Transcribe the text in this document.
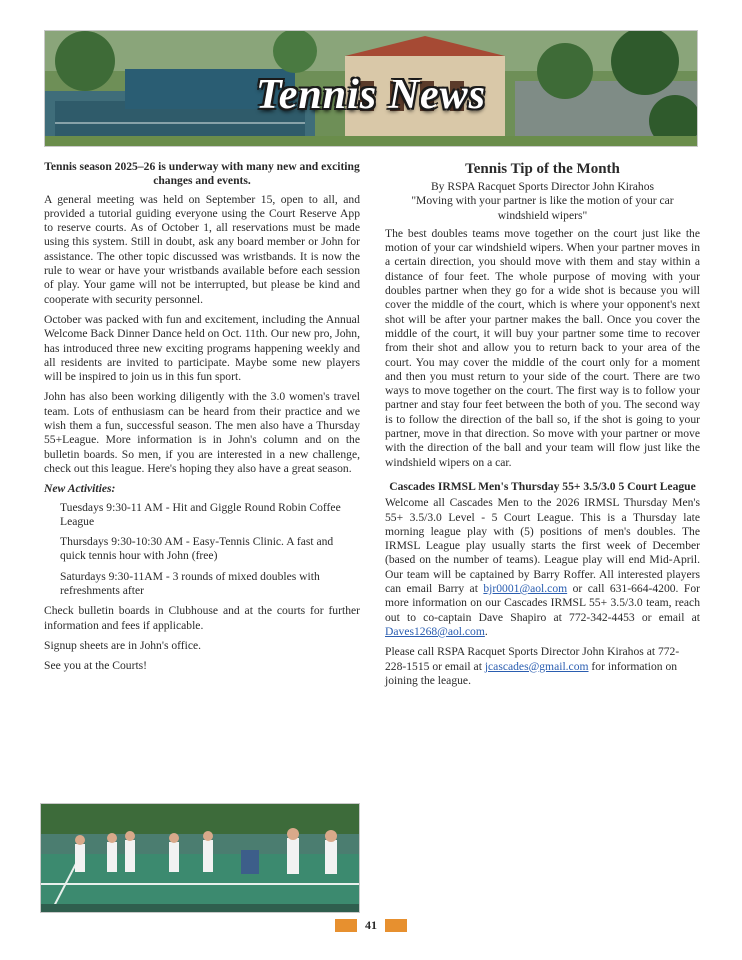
Tennis News

Tennis season 2025–26 is underway with many new and exciting changes and events.

A general meeting was held on September 15, open to all, and provided a tutorial guiding everyone using the Court Reserve App to reserve courts. As of October 1, all reservations must be made using this system. Still in doubt, ask any board member or John for assistance. The other topic discussed was wristbands. It is now the rule to wear or have your wristbands available before each session of play. Your game will not be interrupted, but please be kind and cooperate with security personnel.

October was packed with fun and excitement, including the Annual Welcome Back Dinner Dance held on Oct. 11th. Our new pro, John, has introduced three new exciting programs happening weekly and all residents are invited to participate. Maybe some new players will be inspired to join us in this fun sport.

John has also been working diligently with the 3.0 women's travel team. Lots of enthusiasm can be heard from their practice and we wish them a fun, successful season. The men also have a Thursday 55+League. More information is in John's column and on the bulletin boards. So men, if you are interested in a new challenge, check out this league. Here's hoping they also have a great season.

New Activities:

Tuesdays 9:30-11 AM - Hit and Giggle Round Robin Coffee League

Thursdays 9:30-10:30 AM - Easy-Tennis Clinic. A fast and quick tennis hour with John (free)

Saturdays 9:30-11AM - 3 rounds of mixed doubles with refreshments after

Check bulletin boards in Clubhouse and at the courts for further information and fees if applicable.

Signup sheets are in John's office.

See you at the Courts!

Tennis Tip of the Month

By RSPA Racquet Sports Director John Kirahos

"Moving with your partner is like the motion of your car windshield wipers"

The best doubles teams move together on the court just like the motion of your car windshield wipers. When your partner moves in a certain direction, you should move with them and stay within a distance of four feet. The whole purpose of moving with your doubles partner when they go for a wide shot is because you will cover the middle of the court, which is where your opponent's next shot will be after your partner makes the ball. Once you cover the middle of the court, it will buy your partner some time to recover from their shot and allow you to return back to your area of the court. You may cover the middle of the court only for a moment and then you must return to your side of the court. There are two ways to move together on the court. The first way is to follow your partner and stay four feet between the both of you. The second way is to follow the direction of the ball so, if the shot is going to your partner, move in that direction. So move with your partner or move with the direction of the ball and your team will flow just like the windshield wipers on a car.

Cascades IRMSL Men's Thursday 55+ 3.5/3.0 5 Court League

Welcome all Cascades Men to the 2026 IRMSL Thursday Men's 55+ 3.5/3.0 Level - 5 Court League. This is a Thursday late morning league play with (5) positions of men's doubles. The IRMSL League play usually starts the first week of December (based on the number of teams). League play will end Mid-April. Our team will be captained by Barry Roffer. All interested players can email Barry at bjr0001@aol.com or call 631-664-4200. For more information on our Cascades IRMSL 55+ 3.5/3.0 team, reach out to co-captain Dave Shapiro at 772-342-4453 or email at Daves1268@aol.com.

Please call RSPA Racquet Sports Director John Kirahos at 772-228-1515 or email at jcascades@gmail.com for information on joining the league.

41
